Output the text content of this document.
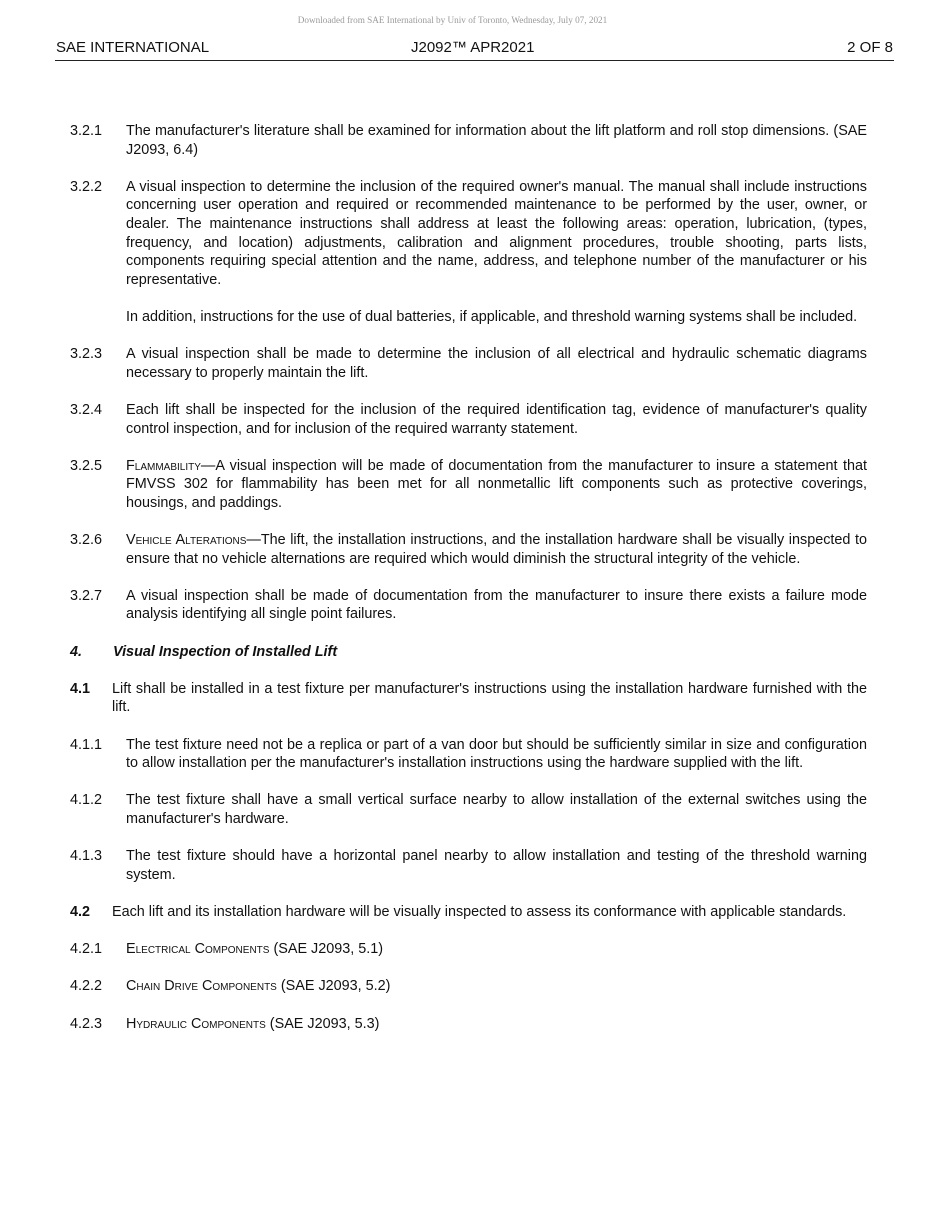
Downloaded from SAE International by Univ of Toronto, Wednesday, July 07, 2021
SAE INTERNATIONAL	J2092™ APR2021	2 OF 8
3.2.1 The manufacturer's literature shall be examined for information about the lift platform and roll stop dimensions. (SAE J2093, 6.4)
3.2.2 A visual inspection to determine the inclusion of the required owner's manual. The manual shall include instructions concerning user operation and required or recommended maintenance to be performed by the user, owner, or dealer. The maintenance instructions shall address at least the following areas: operation, lubrication, (types, frequency, and location) adjustments, calibration and alignment procedures, trouble shooting, parts lists, components requiring special attention and the name, address, and telephone number of the manufacturer or his representative.
In addition, instructions for the use of dual batteries, if applicable, and threshold warning systems shall be included.
3.2.3 A visual inspection shall be made to determine the inclusion of all electrical and hydraulic schematic diagrams necessary to properly maintain the lift.
3.2.4 Each lift shall be inspected for the inclusion of the required identification tag, evidence of manufacturer's quality control inspection, and for inclusion of the required warranty statement.
3.2.5 Flammability—A visual inspection will be made of documentation from the manufacturer to insure a statement that FMVSS 302 for flammability has been met for all nonmetallic lift components such as protective coverings, housings, and paddings.
3.2.6 Vehicle Alterations—The lift, the installation instructions, and the installation hardware shall be visually inspected to ensure that no vehicle alternations are required which would diminish the structural integrity of the vehicle.
3.2.7 A visual inspection shall be made of documentation from the manufacturer to insure there exists a failure mode analysis identifying all single point failures.
4. Visual Inspection of Installed Lift
4.1 Lift shall be installed in a test fixture per manufacturer's instructions using the installation hardware furnished with the lift.
4.1.1 The test fixture need not be a replica or part of a van door but should be sufficiently similar in size and configuration to allow installation per the manufacturer's installation instructions using the hardware supplied with the lift.
4.1.2 The test fixture shall have a small vertical surface nearby to allow installation of the external switches using the manufacturer's hardware.
4.1.3 The test fixture should have a horizontal panel nearby to allow installation and testing of the threshold warning system.
4.2 Each lift and its installation hardware will be visually inspected to assess its conformance with applicable standards.
4.2.1 Electrical Components (SAE J2093, 5.1)
4.2.2 Chain Drive Components (SAE J2093, 5.2)
4.2.3 Hydraulic Components (SAE J2093, 5.3)
